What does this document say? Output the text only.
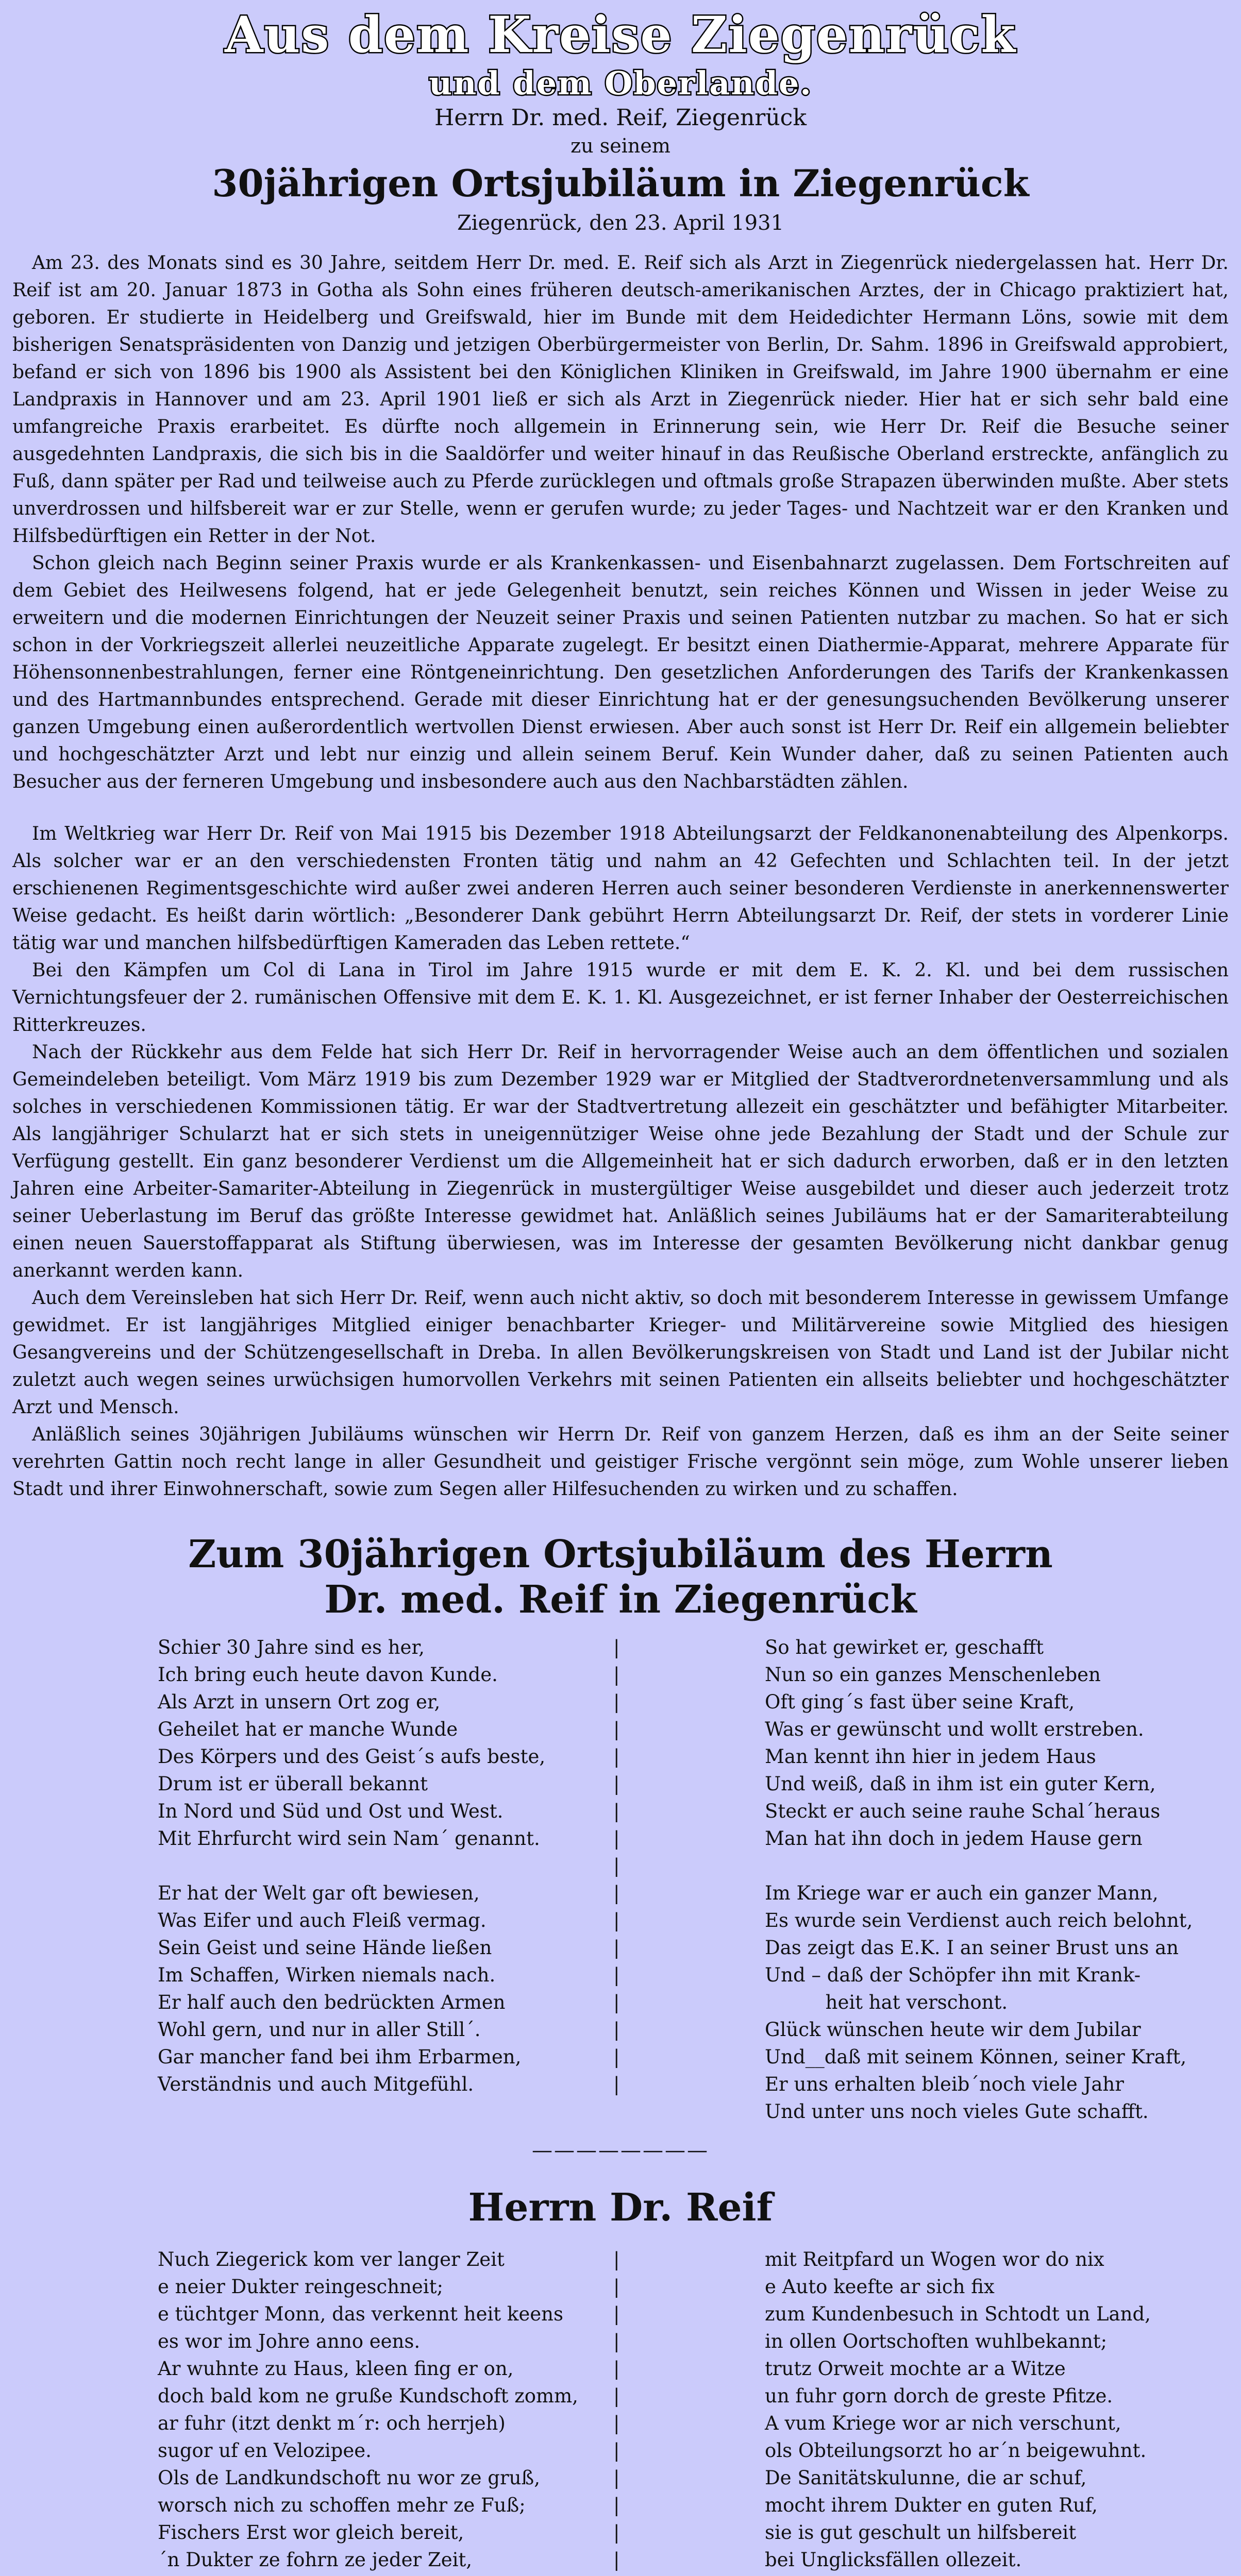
Aus dem Kreise Ziegenrück

und dem Oberlande.

Herrn Dr. med. Reif, Ziegenrück

zu seinem

30jährigen Ortsjubiläum in Ziegenrück

Ziegenrück, den 23. April 1931

Am 23. des Monats sind es 30 Jahre, seitdem Herr Dr. med. E. Reif sich als Arzt in Ziegenrück niedergelassen hat. Herr Dr. Reif ist am 20. Januar 1873 in Gotha als Sohn eines früheren deutsch-amerikanischen Arztes, der in Chicago praktiziert hat, geboren. Er studierte in Heidelberg und Greifswald, hier im Bunde mit dem Heidedichter Hermann Löns, sowie mit dem bisherigen Senatspräsidenten von Danzig und jetzigen Oberbürgermeister von Berlin, Dr. Sahm. 1896 in Greifswald approbiert, befand er sich von 1896 bis 1900 als Assistent bei den Königlichen Kliniken in Greifswald, im Jahre 1900 übernahm er eine Landpraxis in Hannover und am 23. April 1901 ließ er sich als Arzt in Ziegenrück nieder. Hier hat er sich sehr bald eine umfangreiche Praxis erarbeitet. Es dürfte noch allgemein in Erinnerung sein, wie Herr Dr. Reif die Besuche seiner ausgedehnten Landpraxis, die sich bis in die Saaldörfer und weiter hinauf in das Reußische Oberland erstreckte, anfänglich zu Fuß, dann später per Rad und teilweise auch zu Pferde zurücklegen und oftmals große Strapazen überwinden mußte. Aber stets unverdrossen und hilfsbereit war er zur Stelle, wenn er gerufen wurde; zu jeder Tages- und Nachtzeit war er den Kranken und Hilfsbedürftigen ein Retter in der Not.

Schon gleich nach Beginn seiner Praxis wurde er als Krankenkassen- und Eisenbahnarzt zugelassen. Dem Fortschreiten auf dem Gebiet des Heilwesens folgend, hat er jede Gelegenheit benutzt, sein reiches Können und Wissen in jeder Weise zu erweitern und die modernen Einrichtungen der Neuzeit seiner Praxis und seinen Patienten nutzbar zu machen. So hat er sich schon in der Vorkriegszeit allerlei neuzeitliche Apparate zugelegt. Er besitzt einen Diathermie-Apparat, mehrere Apparate für Höhensonnenbestrahlungen, ferner eine Röntgeneinrichtung. Den gesetzlichen Anforderungen des Tarifs der Krankenkassen und des Hartmannbundes entsprechend. Gerade mit dieser Einrichtung hat er der genesungsuchenden Bevölkerung unserer ganzen Umgebung einen außerordentlich wertvollen Dienst erwiesen. Aber auch sonst ist Herr Dr. Reif ein allgemein beliebter und hochgeschätzter Arzt und lebt nur einzig und allein seinem Beruf. Kein Wunder daher, daß zu seinen Patienten auch Besucher aus der ferneren Umgebung und insbesondere auch aus den Nachbarstädten zählen.

Im Weltkrieg war Herr Dr. Reif von Mai 1915 bis Dezember 1918 Abteilungsarzt der Feldkanonenabteilung des Alpenkorps. Als solcher war er an den verschiedensten Fronten tätig und nahm an 42 Gefechten und Schlachten teil. In der jetzt erschienenen Regimentsgeschichte wird außer zwei anderen Herren auch seiner besonderen Verdienste in anerkennenswerter Weise gedacht. Es heißt darin wörtlich: „Besonderer Dank gebührt Herrn Abteilungsarzt Dr. Reif, der stets in vorderer Linie tätig war und manchen hilfsbedürftigen Kameraden das Leben rettete.“

Bei den Kämpfen um Col di Lana in Tirol im Jahre 1915 wurde er mit dem E. K. 2. Kl. und bei dem russischen Vernichtungsfeuer der 2. rumänischen Offensive mit dem E. K. 1. Kl. Ausgezeichnet, er ist ferner Inhaber der Oesterreichischen Ritterkreuzes.

Nach der Rückkehr aus dem Felde hat sich Herr Dr. Reif in hervorragender Weise auch an dem öffentlichen und sozialen Gemeindeleben beteiligt. Vom März 1919 bis zum Dezember 1929 war er Mitglied der Stadtverordnetenversammlung und als solches in verschiedenen Kommissionen tätig. Er war der Stadtvertretung allezeit ein geschätzter und befähigter Mitarbeiter. Als langjähriger Schularzt hat er sich stets in uneigennütziger Weise ohne jede Bezahlung der Stadt und der Schule zur Verfügung gestellt. Ein ganz besonderer Verdienst um die Allgemeinheit hat er sich dadurch erworben, daß er in den letzten Jahren eine Arbeiter-Samariter-Abteilung in Ziegenrück in mustergültiger Weise ausgebildet und dieser auch jederzeit trotz seiner Ueberlastung im Beruf das größte Interesse gewidmet hat. Anläßlich seines Jubiläums hat er der Samariterabteilung einen neuen Sauerstoffapparat als Stiftung überwiesen, was im Interesse der gesamten Bevölkerung nicht dankbar genug anerkannt werden kann.

Auch dem Vereinsleben hat sich Herr Dr. Reif, wenn auch nicht aktiv, so doch mit besonderem Interesse in gewissem Umfange gewidmet. Er ist langjähriges Mitglied einiger benachbarter Krieger- und Militärvereine sowie Mitglied des hiesigen Gesangvereins und der Schützengesellschaft in Dreba. In allen Bevölkerungskreisen von Stadt und Land ist der Jubilar nicht zuletzt auch wegen seines urwüchsigen humorvollen Verkehrs mit seinen Patienten ein allseits beliebter und hochgeschätzter Arzt und Mensch.

Anläßlich seines 30jährigen Jubiläums wünschen wir Herrn Dr. Reif von ganzem Herzen, daß es ihm an der Seite seiner verehrten Gattin noch recht lange in aller Gesundheit und geistiger Frische vergönnt sein möge, zum Wohle unserer lieben Stadt und ihrer Einwohnerschaft, sowie zum Segen aller Hilfesuchenden zu wirken und zu schaffen.

Zum 30jährigen Ortsjubiläum des Herrn

Dr. med. Reif in Ziegenrück

Schier 30 Jahre sind es her,
Ich bring euch heute davon Kunde.
Als Arzt in unsern Ort zog er,
Geheilet hat er manche Wunde
Des Körpers und des Geist´s aufs beste,
Drum ist er überall bekannt
In Nord und Süd und Ost und West.
Mit Ehrfurcht wird sein Nam´ genannt.

Er hat der Welt gar oft bewiesen,
Was Eifer und auch Fleiß vermag.
Sein Geist und seine Hände ließen
Im Schaffen, Wirken niemals nach.
Er half auch den bedrückten Armen
Wohl gern, und nur in aller Still´.
Gar mancher fand bei ihm Erbarmen,
Verständnis und auch Mitgefühl.
|
|
|
|
|
|
|
|
|
|
|
|
|
|
|
|
|
So hat gewirket er, geschafft
Nun so ein ganzes Menschenleben
Oft ging´s fast über seine Kraft,
Was er gewünscht und wollt erstreben.
Man kennt ihn hier in jedem Haus
Und weiß, daß in ihm ist ein guter Kern,
Steckt er auch seine rauhe Schal´heraus
Man hat ihn doch in jedem Hause gern

Im Kriege war er auch ein ganzer Mann,
Es wurde sein Verdienst auch reich belohnt,
Das zeigt das E.K. I an seiner Brust uns an
Und – daß der Schöpfer ihn mit Krank-
heit hat verschont.
Glück wünschen heute wir dem Jubilar
Und__daß mit seinem Können, seiner Kraft,
Er uns erhalten bleib´noch viele Jahr
Und unter uns noch vieles Gute schafft.
————————

Herrn Dr. Reif

Nuch Ziegerick kom ver langer Zeit
e neier Dukter reingeschneit;
e tüchtger Monn, das verkennt heit keens
es wor im Johre anno eens.
Ar wuhnte zu Haus, kleen fing er on,
doch bald kom ne gruße Kundschoft zomm,
ar fuhr (itzt denkt m´r: och herrjeh)
sugor uf en Velozipee.
Ols de Landkundschoft nu wor ze gruß,
worsch nich zu schoffen mehr ze Fuß;
Fischers Erst wor gleich bereit,
´n Dukter ze fohrn ze jeder Zeit,

|
|
|
|
|
|
|
|
|
|
|
|

mit Reitpfard un Wogen wor do nix
e Auto keefte ar sich fix
zum Kundenbesuch in Schtodt un Land,
in ollen Oortschoften wuhlbekannt;
trutz Orweit mochte ar a Witze
un fuhr gorn dorch de greste Pfitze.
A vum Kriege wor ar nich verschunt,
ols Obteilungsorzt ho ar´n beigewuhnt.
De Sanitätskulunne, die ar schuf,
mocht ihrem Dukter en guten Ruf,
sie is gut geschult un hilfsbereit
bei Unglicksfällen ollezeit.
